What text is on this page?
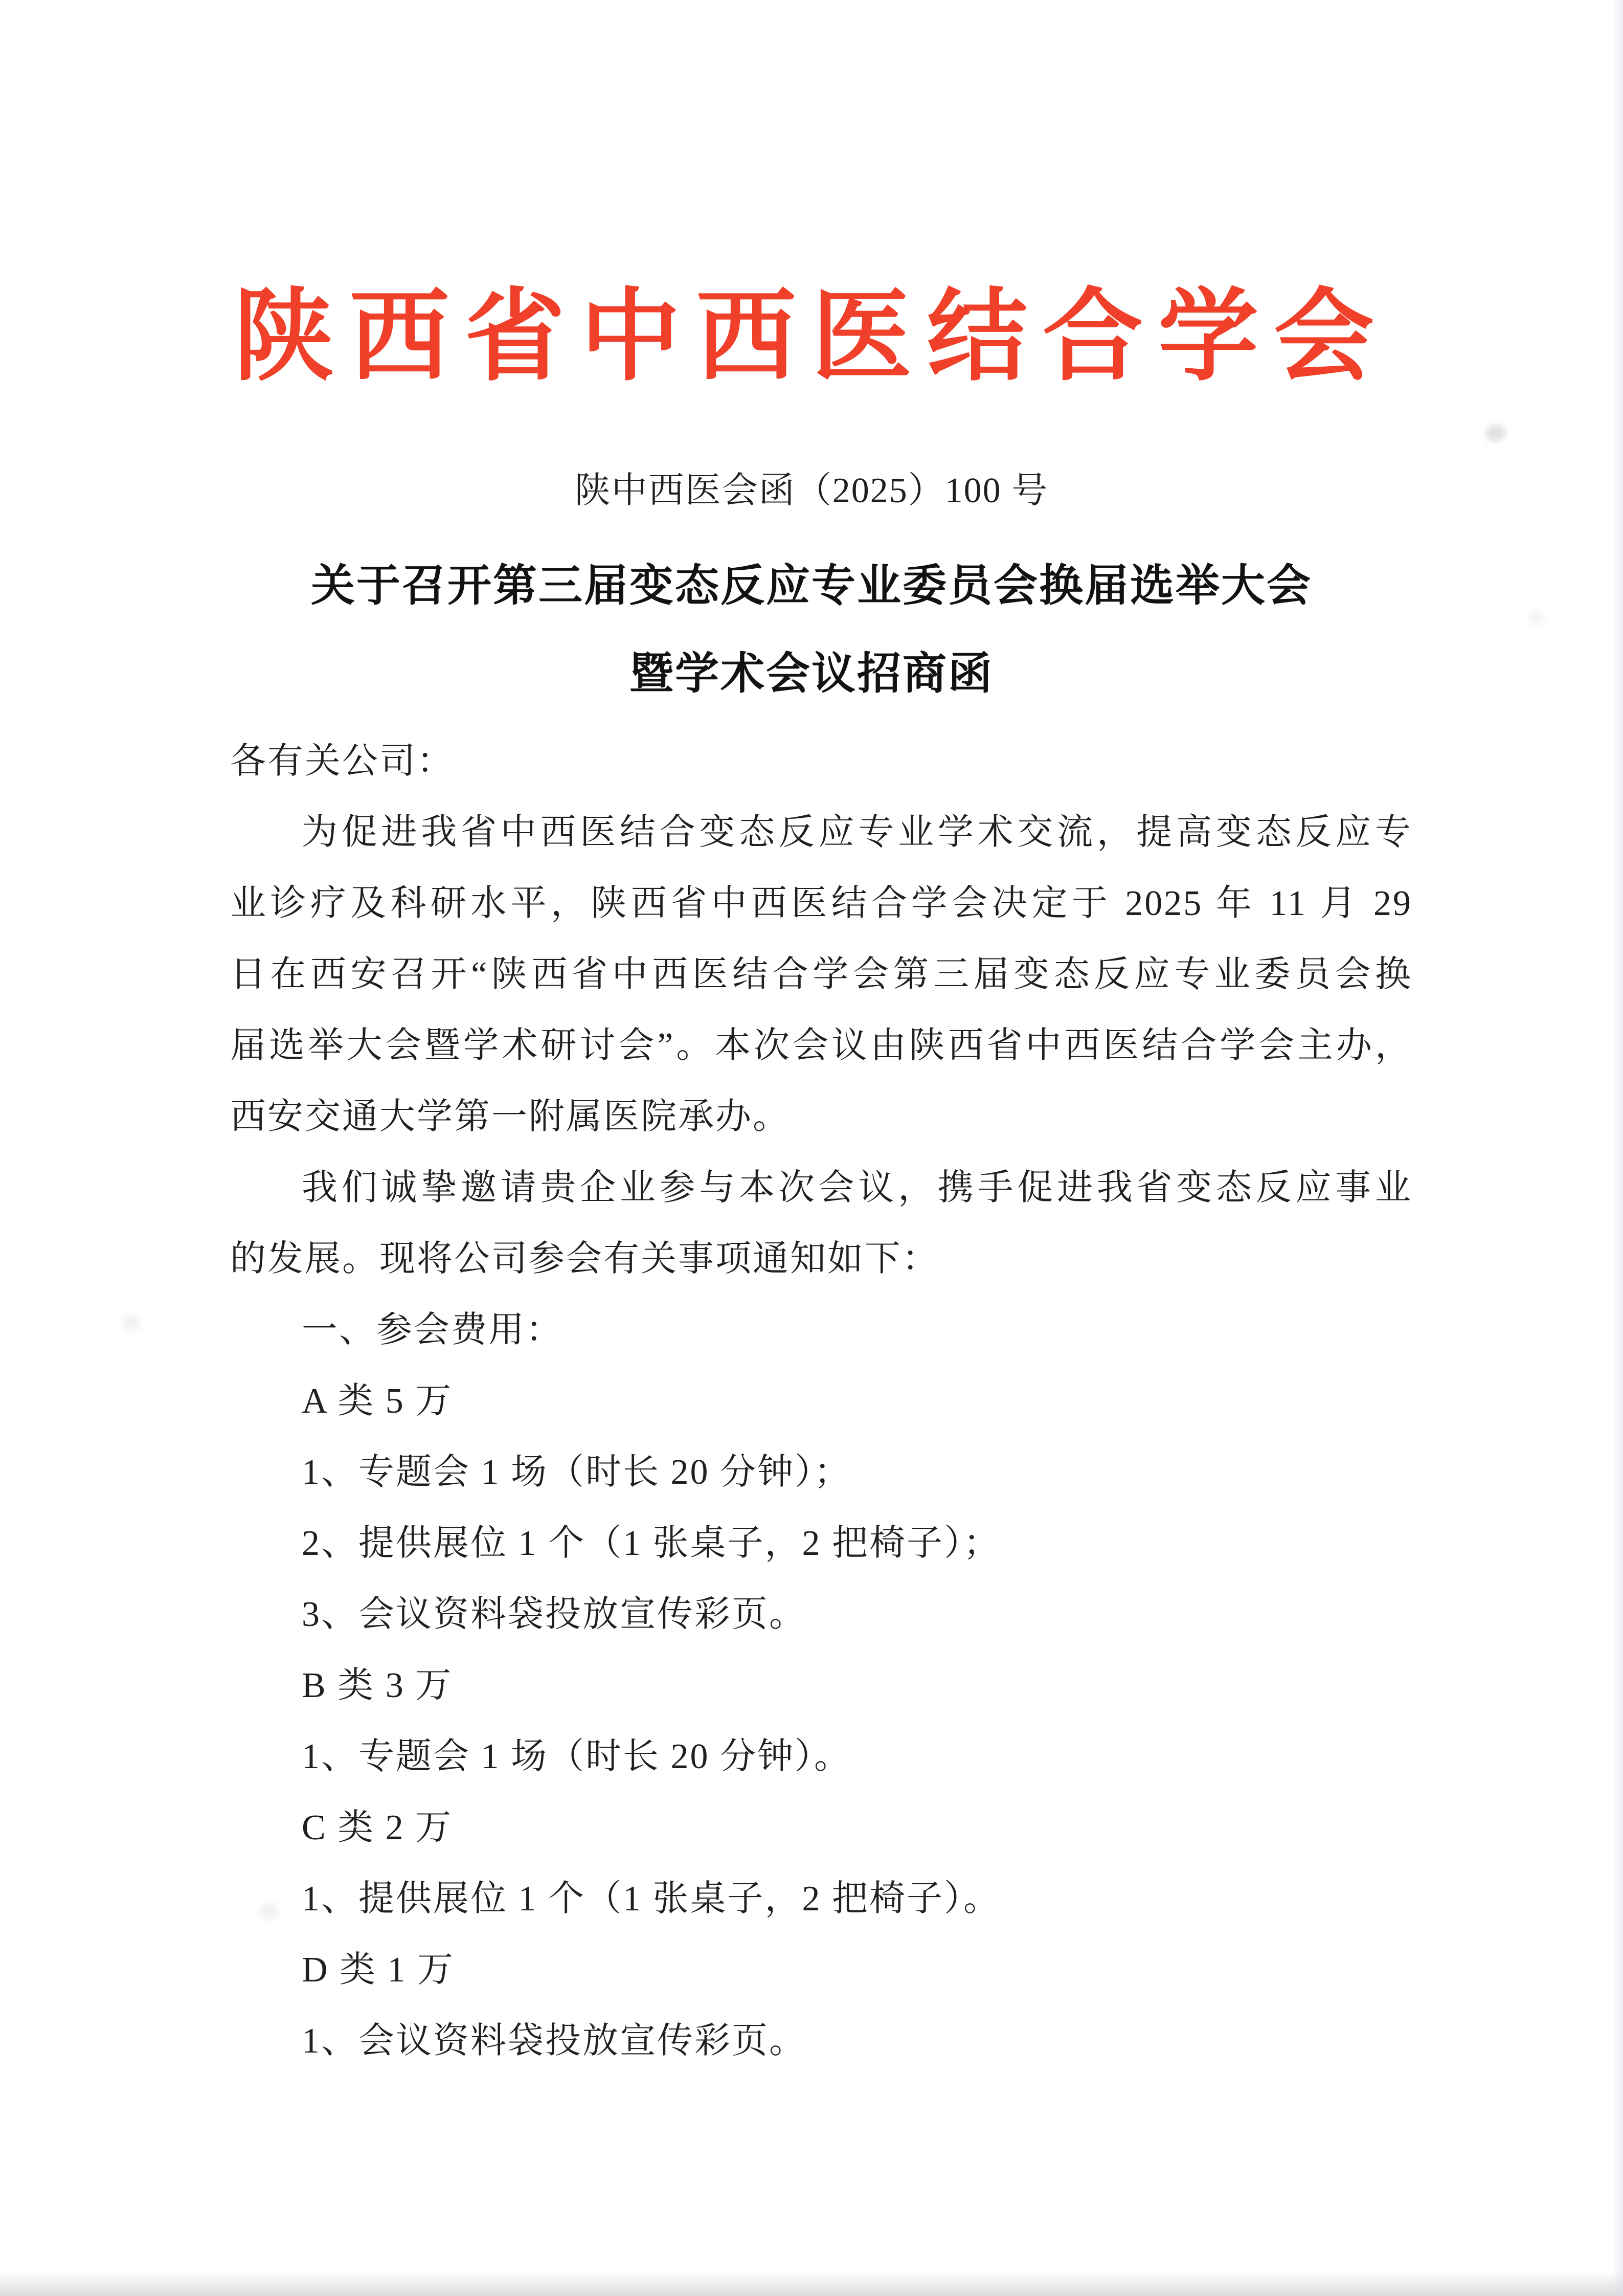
陕西省中西医结合学会
陕中西医会函（2025）100 号
关于召开第三届变态反应专业委员会换届选举大会
暨学术会议招商函
各有关公司：
为促进我省中西医结合变态反应专业学术交流，提高变态反应专
业诊疗及科研水平，陕西省中西医结合学会决定于 2025 年 11 月 29
日在西安召开“陕西省中西医结合学会第三届变态反应专业委员会换
届选举大会暨学术研讨会”。本次会议由陕西省中西医结合学会主办，
西安交通大学第一附属医院承办。
我们诚挚邀请贵企业参与本次会议，携手促进我省变态反应事业
的发展。现将公司参会有关事项通知如下：
一、参会费用：
A 类 5 万
1、专题会 1 场（时长 20 分钟）；
2、提供展位 1 个（1 张桌子，2 把椅子）；
3、会议资料袋投放宣传彩页。
B 类 3 万
1、专题会 1 场（时长 20 分钟）。
C 类 2 万
1、提供展位 1 个（1 张桌子，2 把椅子）。
D 类 1 万
1、会议资料袋投放宣传彩页。
